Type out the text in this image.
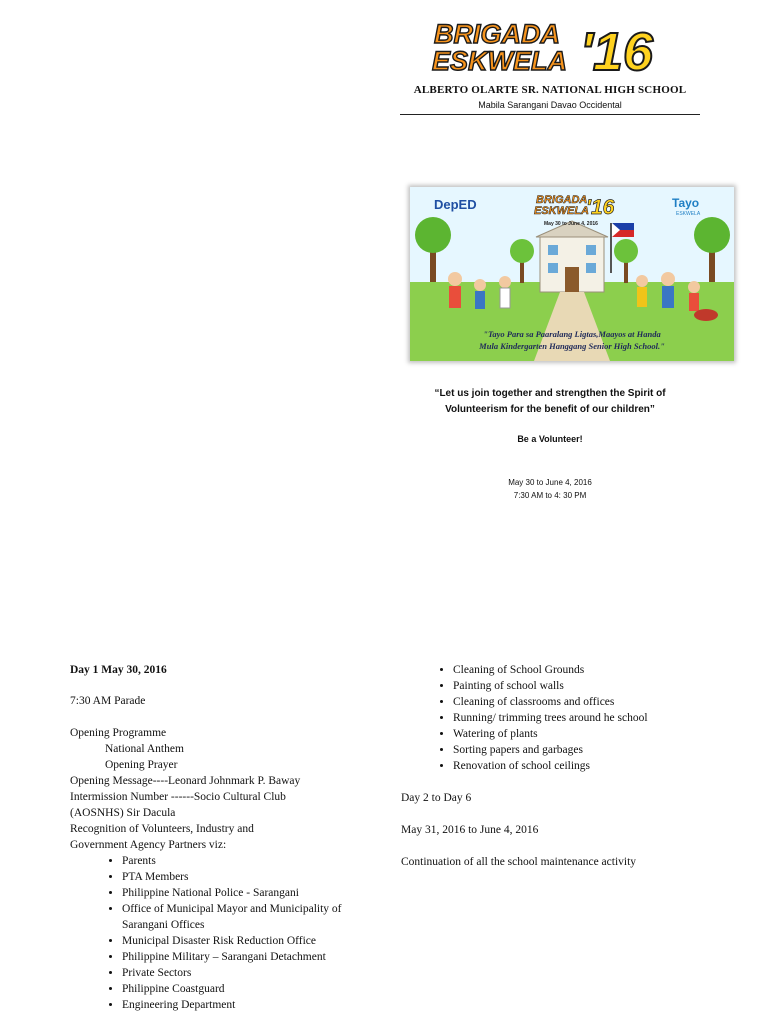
BRIGADA
ESKWELA '16
ALBERTO OLARTE SR. NATIONAL HIGH SCHOOL
Mabila Sarangani Davao Occidental
DepED	BRIGADA
ESKWELA
'16
May 30 to June 4, 2016
Tayo
ESKWELA
"Tayo Para sa Paaralang Ligtas,Maayos at Handa
Mula Kindergarten Hanggang Senior High School."
“Let us join together and strengthen the Spirit of
Volunteerism for the benefit of our children”
Be a Volunteer!
May 30 to June 4, 2016
7:30 AM to 4: 30 PM
Day 1 May 30, 2016
7:30 AM Parade
Opening Programme
National Anthem
Opening Prayer
Opening Message----Leonard Johnmark P. Baway
Intermission Number ------Socio Cultural Club
(AOSNHS) Sir Dacula
Recognition of Volunteers, Industry and
Government Agency Partners viz:
• Parents
• PTA Members
• Philippine National Police - Sarangani
• Office of Municipal Mayor and Municipality of Sarangani Offices
• Municipal Disaster Risk Reduction Office
• Philippine Military – Sarangani Detachment
• Private Sectors
• Philippine Coastguard
• Engineering Department
• Cleaning of School Grounds
• Painting of school walls
• Cleaning of classrooms and offices
• Running/ trimming trees around he school
• Watering of plants
• Sorting papers and garbages
• Renovation of school ceilings
Day 2 to Day 6
May 31, 2016 to June 4, 2016
Continuation of all the school maintenance activity
